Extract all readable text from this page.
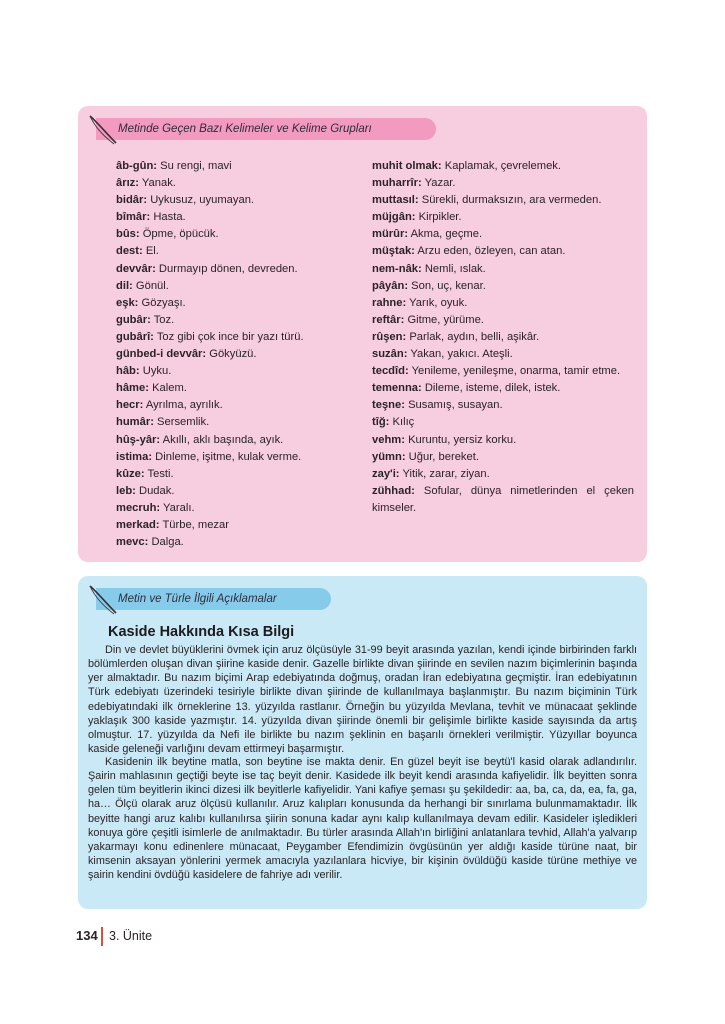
Metinde Geçen Bazı Kelimeler ve Kelime Grupları

âb-gûn: Su rengi, mavi

ârız: Yanak.

bidâr: Uykusuz, uyumayan.

bîmâr: Hasta.

bûs: Öpme, öpücük.

dest: El.

devvâr: Durmayıp dönen, devreden.

dil: Gönül.

eşk: Gözyaşı.

gubâr: Toz.

gubârî: Toz gibi çok ince bir yazı türü.

günbed-i devvâr: Gökyüzü.

hâb: Uyku.

hâme: Kalem.

hecr: Ayrılma, ayrılık.

humâr: Sersemlik.

hûş-yâr: Akıllı, aklı başında, ayık.

istima: Dinleme, işitme, kulak verme.

kûze: Testi.

leb: Dudak.

mecruh: Yaralı.

merkad: Türbe, mezar

mevc: Dalga.

muhit olmak: Kaplamak, çevrelemek.

muharrîr: Yazar.

muttasıl: Sürekli, durmaksızın, ara vermeden.

müjgân: Kirpikler.

mürûr: Akma, geçme.

müştak: Arzu eden, özleyen, can atan.

nem-nâk: Nemli, ıslak.

pâyân: Son, uç, kenar.

rahne: Yarık, oyuk.

reftâr: Gitme, yürüme.

rûşen: Parlak, aydın, belli, aşikâr.

suzân: Yakan, yakıcı. Ateşli.

tecdîd: Yenileme, yenileşme, onarma, tamir etme.

temenna: Dileme, isteme, dilek, istek.

teşne: Susamış, susayan.

tîğ: Kılıç

vehm: Kuruntu, yersiz korku.

yümn: Uğur, bereket.

zay'i: Yitik, zarar, ziyan.

zühhad: Sofular, dünya nimetlerinden el çeken kimseler.

Metin ve Türle İlgili Açıklamalar
Kaside Hakkında Kısa Bilgi

Din ve devlet büyüklerini övmek için aruz ölçüsüyle 31-99 beyit arasında yazılan, kendi içinde birbirinden farklı bölümlerden oluşan divan şiirine kaside denir. Gazelle birlikte divan şiirinde en sevilen nazım biçimlerinin başında yer almaktadır. Bu nazım biçimi Arap edebiyatında doğmuş, oradan İran edebiyatına geçmiştir. İran edebiyatının Türk edebiyatı üzerindeki tesiriyle birlikte divan şiirinde de kullanılmaya başlanmıştır. Bu nazım biçiminin Türk edebiyatındaki ilk örneklerine 13. yüzyılda rastlanır. Örneğin bu yüzyılda Mevlana, tevhit ve münacaat şeklinde yaklaşık 300 kaside yazmıştır. 14. yüzyılda divan şiirinde önemli bir gelişimle birlikte kaside sayısında da artış olmuştur. 17. yüzyılda da Nefi ile birlikte bu nazım şeklinin en başarılı örnekleri verilmiştir. Yüzyıllar boyunca kaside geleneği varlığını devam ettirmeyi başarmıştır.

Kasidenin ilk beytine matla, son beytine ise makta denir. En güzel beyit ise beytü'l kasid olarak adlandırılır. Şairin mahlasının geçtiği beyte ise taç beyit denir. Kasidede ilk beyit kendi arasında kafiyelidir. İlk beyitten sonra gelen tüm beyitlerin ikinci dizesi ilk beyitlerle kafiyelidir. Yani kafiye şeması şu şekildedir: aa, ba, ca, da, ea, fa, ga, ha… Ölçü olarak aruz ölçüsü kullanılır. Aruz kalıpları konusunda da herhangi bir sınırlama bulunmamaktadır. İlk beyitte hangi aruz kalıbı kullanılırsa şiirin sonuna kadar aynı kalıp kullanılmaya devam edilir. Kasideler işledikleri konuya göre çeşitli isimlerle de anılmaktadır. Bu türler arasında Allah'ın birliğini anlatanlara tevhid, Allah'a yalvarıp yakarmayı konu edinenlere münacaat, Peygamber Efendimizin övgüsünün yer aldığı kaside türüne naat, bir kimsenin aksayan yönlerini yermek amacıyla yazılanlara hicviye, bir kişinin övüldüğü kaside türüne methiye ve şairin kendini övdüğü kasidelere de fahriye adı verilir.

134 3. Ünite
